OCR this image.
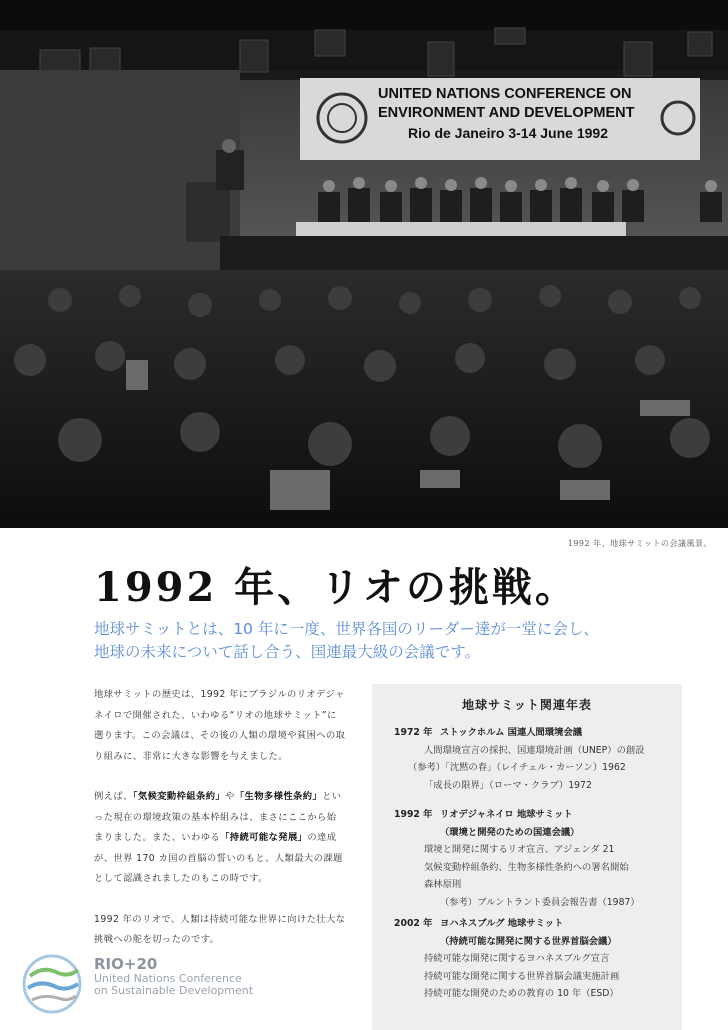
UNITED NATIONS CONFERENCE ON
ENVIRONMENT AND DEVELOPMENT
Rio de Janeiro 3-14 June 1992
1992 年、地球サミットの会議風景。
1992 年、リオの挑戦。
地球サミットとは、10 年に一度、世界各国のリーダー達が一堂に会し、
地球の未来について話し合う、国連最大級の会議です。

地球サミットの歴史は、1992 年にブラジルのリオデジャネイロで開催された、いわゆる“リオの地球サミット”に遡ります。この会議は、その後の人類の環境や貧困への取り組みに、非常に大きな影響を与えました。

例えば、「気候変動枠組条約」や「生物多様性条約」といった現在の環境政策の基本枠組みは、まさにここから始まりました。また、いわゆる「持続可能な発展」の達成が、世界 170 カ国の首脳の誓いのもと、人類最大の課題として認識されましたのもこの時です。

1992 年のリオで、人類は持続可能な世界に向けた壮大な挑戦への舵を切ったのです。

地球サミット関連年表
1972 年 ストックホルム 国連人間環境会議
人間環境宣言の採択、国連環境計画（UNEP）の創設
（参考）「沈黙の春」（レイチェル・カーソン）1962
「成長の限界」（ローマ・クラブ）1972
1992 年 リオデジャネイロ 地球サミット
（環境と開発のための国連会議）
環境と開発に関するリオ宣言、アジェンダ 21
気候変動枠組条約、生物多様性条約への署名開始
森林原則
（参考）ブルントラント委員会報告書（1987）
2002 年 ヨハネスブルグ 地球サミット
（持続可能な開発に関する世界首脳会議）
持続可能な開発に関するヨハネスブルグ宣言
持続可能な開発に関する世界首脳会議実施計画
持続可能な開発のための教育の 10 年（ESD）
RIO+20
United Nations Conference
on Sustainable Development
